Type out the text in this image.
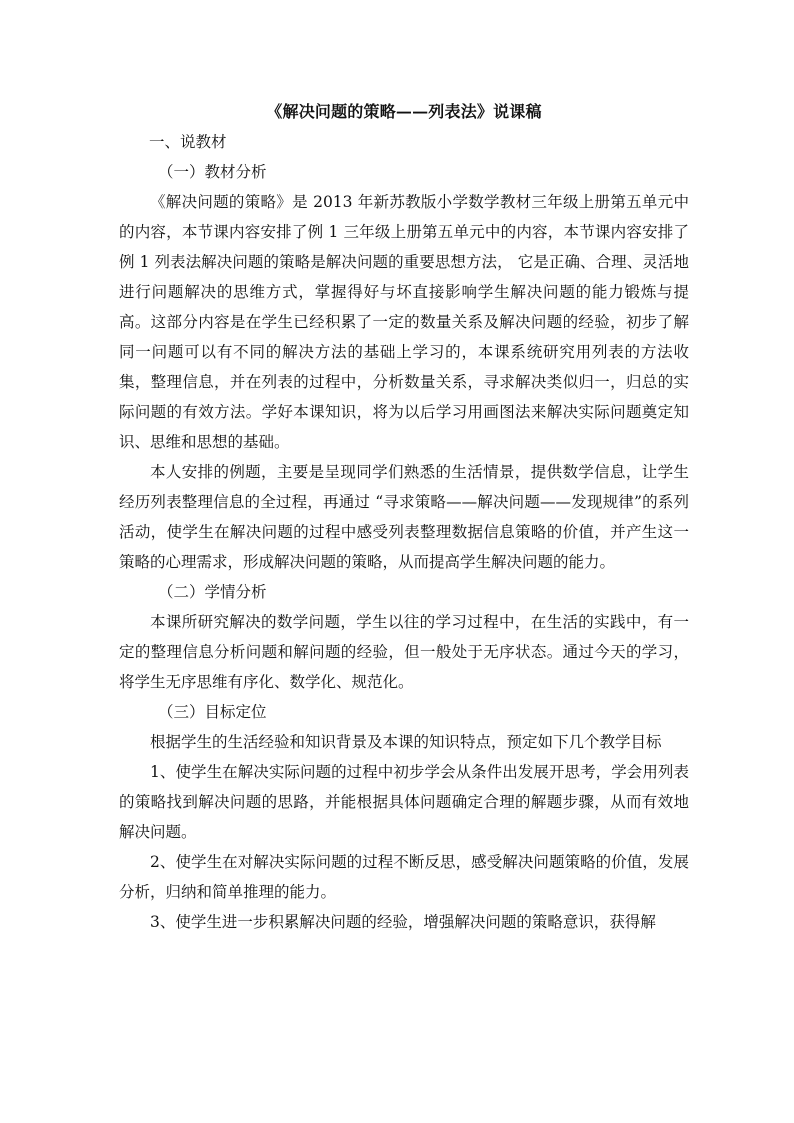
《解决问题的策略——列表法》说课稿
一、说教材
（一）教材分析

《解决问题的策略》是 2013 年新苏教版小学数学教材三年级上册第五单元中的内容，本节课内容安排了例 1 三年级上册第五单元中的内容，本节课内容安排了例 1 列表法解决问题的策略是解决问题的重要思想方法， 它是正确、合理、灵活地进行问题解决的思维方式，掌握得好与坏直接影响学生解决问题的能力锻炼与提高。这部分内容是在学生已经积累了一定的数量关系及解决问题的经验，初步了解同一问题可以有不同的解决方法的基础上学习的，本课系统研究用列表的方法收集，整理信息，并在列表的过程中，分析数量关系，寻求解决类似归一，归总的实际问题的有效方法。学好本课知识，将为以后学习用画图法来解决实际问题奠定知识、思维和思想的基础。

本人安排的例题，主要是呈现同学们熟悉的生活情景，提供数学信息，让学生经历列表整理信息的全过程，再通过 “寻求策略——解决问题——发现规律”的系列活动，使学生在解决问题的过程中感受列表整理数据信息策略的价值，并产生这一策略的心理需求，形成解决问题的策略，从而提高学生解决问题的能力。

（二）学情分析

本课所研究解决的数学问题，学生以往的学习过程中，在生活的实践中，有一定的整理信息分析问题和解问题的经验，但一般处于无序状态。通过今天的学习，将学生无序思维有序化、数学化、规范化。

（三）目标定位

根据学生的生活经验和知识背景及本课的知识特点，预定如下几个教学目标

1、使学生在解决实际问题的过程中初步学会从条件出发展开思考，学会用列表的策略找到解决问题的思路，并能根据具体问题确定合理的解题步骤，从而有效地解决问题。

2、使学生在对解决实际问题的过程不断反思，感受解决问题策略的价值，发展分析，归纳和简单推理的能力。

3、使学生进一步积累解决问题的经验，增强解决问题的策略意识，获得解
